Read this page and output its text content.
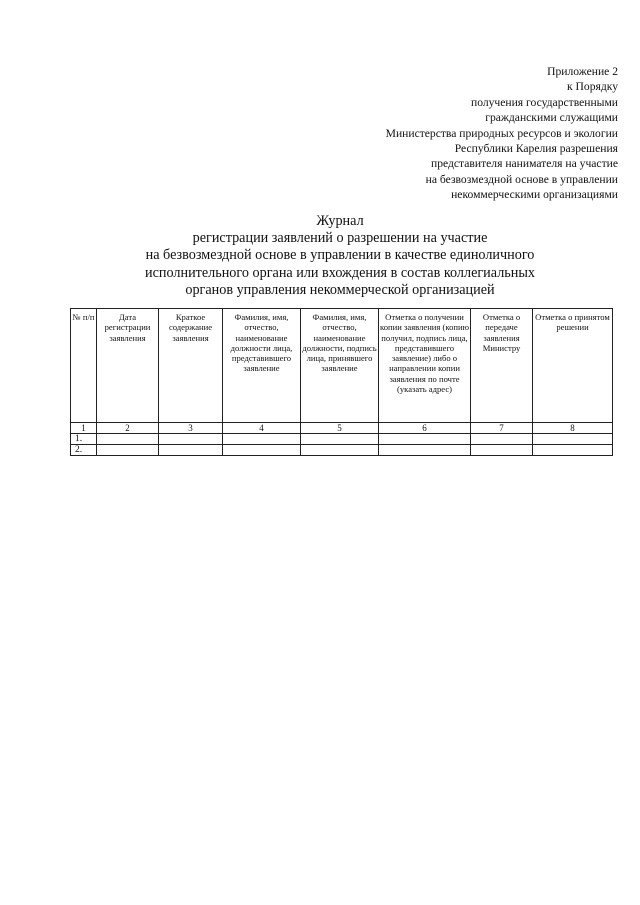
Приложение 2
к Порядку
получения государственными
гражданскими служащими
Министерства природных ресурсов и экологии
Республики Карелия разрешения
представителя нанимателя на участие
на безвозмездной основе в управлении
некоммерческими организациями
Журнал
регистрации заявлений о разрешении на участие
на безвозмездной основе в управлении в качестве единоличного
исполнительного органа или вхождения в состав коллегиальных
органов управления некоммерческой организацией
№ п/п	Дата регистрации заявления	Краткое содержание заявления	Фамилия, имя, отчество, наименование должности лица, представившего заявление	Фамилия, имя, отчество, наименование должности, подпись лица, принявшего заявление	Отметка о получении копии заявления (копию получил, подпись лица, представившего заявление) либо о направлении копии заявления по почте (указать адрес)	Отметка о передаче заявления Министру	Отметка о принятом решении
1	2	3	4	5	6	7	8
1.							
2.							
